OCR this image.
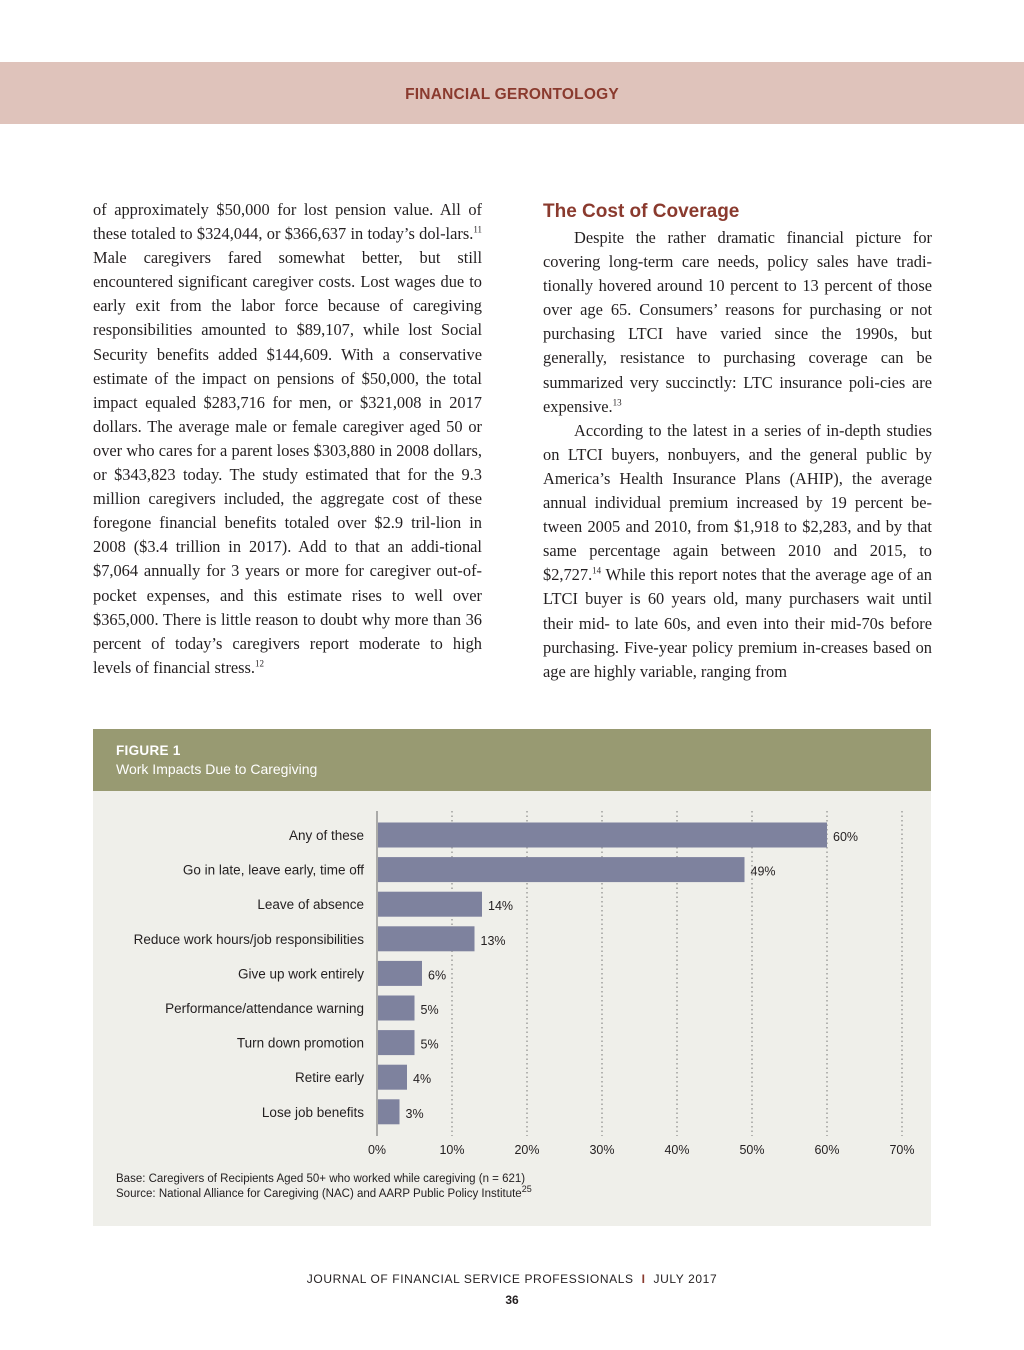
FINANCIAL GERONTOLOGY

of approximately $50,000 for lost pension value. All of these totaled to $324,044, or $366,637 in today’s dol-lars.$^{11}$ Male caregivers fared somewhat better, but still encountered significant caregiver costs. Lost wages due to early exit from the labor force because of caregiving responsibilities amounted to $89,107, while lost Social Security benefits added $144,609. With a conservative estimate of the impact on pensions of $50,000, the total impact equaled $283,716 for men, or $321,008 in 2017 dollars. The average male or female caregiver aged 50 or over who cares for a parent loses $303,880 in 2008 dollars, or $343,823 today. The study estimated that for the 9.3 million caregivers included, the aggregate cost of these foregone financial benefits totaled over $2.9 tril-lion in 2008 ($3.4 trillion in 2017). Add to that an addi-tional $7,064 annually for 3 years or more for caregiver out-of-pocket expenses, and this estimate rises to well over $365,000. There is little reason to doubt why more than 36 percent of today’s caregivers report moderate to high levels of financial stress.$^{12}$

The Cost of Coverage

Despite the rather dramatic financial picture for covering long-term care needs, policy sales have tradi-tionally hovered around 10 percent to 13 percent of those over age 65. Consumers’ reasons for purchasing or not purchasing LTCI have varied since the 1990s, but generally, resistance to purchasing coverage can be summarized very succinctly: LTC insurance poli-cies are expensive.$^{13}$

According to the latest in a series of in-depth studies on LTCI buyers, nonbuyers, and the general public by America’s Health Insurance Plans (AHIP), the average annual individual premium increased by 19 percent be-tween 2005 and 2010, from $1,918 to $2,283, and by that same percentage again between 2010 and 2015, to $2,727.14 While this report notes that the average age of an LTCI buyer is 60 years old, many purchasers wait until their mid- to late 60s, and even into their mid-70s before purchasing. Five-year policy premium in-creases based on age are highly variable, ranging from

FIGURE 1
Work Impacts Due to Caregiving
Any of these	60%
Go in late, leave early, time off	49%
Leave of absence	14%
Reduce work hours/job responsibilities	13%
Give up work entirely	6%
Performance/attendance warning	5%
Turn down promotion	5%
Retire early	4%
Lose job benefits	3%
0%	10%	20%	30%	40%	50%	60%	70%
Base: Caregivers of Recipients Aged 50+ who worked while caregiving (n = 621)
Source: National Alliance for Caregiving (NAC) and AARP Public Policy Institute$^{25}$
JOURNAL OF FINANCIAL SERVICE PROFESSIONALS I JULY 2017
36
